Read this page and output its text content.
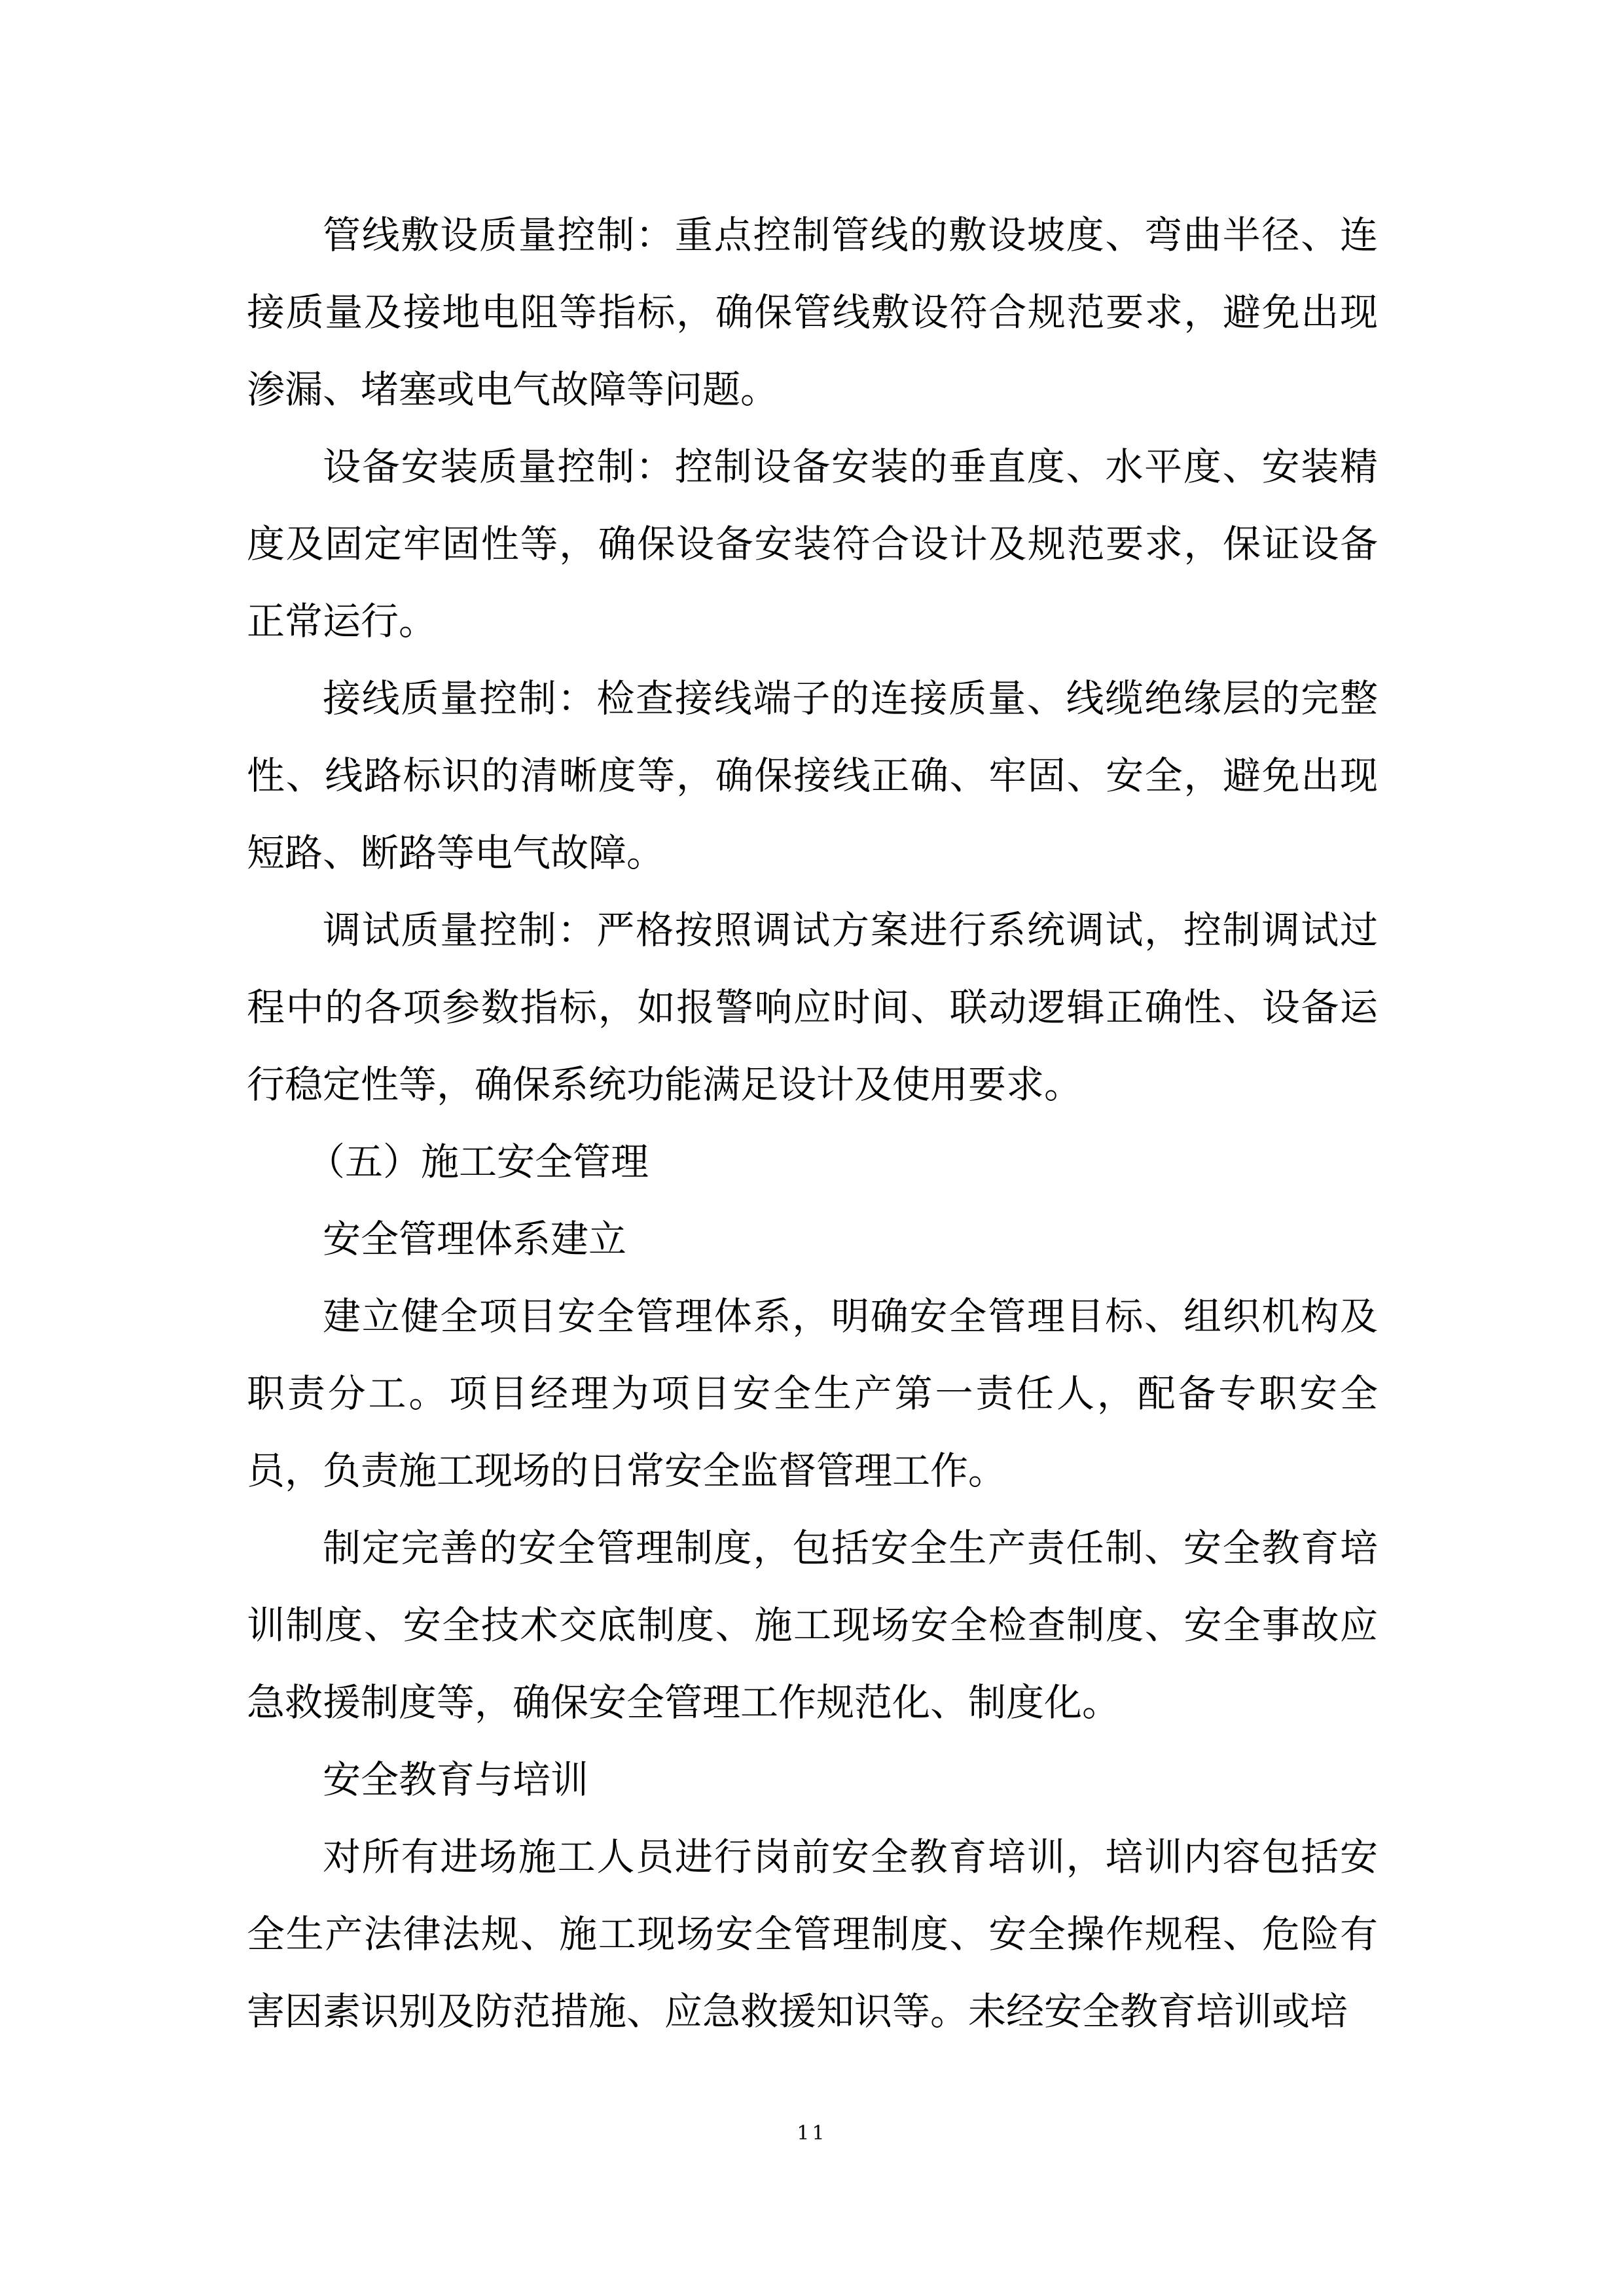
管线敷设质量控制：重点控制管线的敷设坡度、弯曲半径、连接质量及接地电阻等指标，确保管线敷设符合规范要求，避免出现渗漏、堵塞或电气故障等问题。

设备安装质量控制：控制设备安装的垂直度、水平度、安装精度及固定牢固性等，确保设备安装符合设计及规范要求，保证设备正常运行。

接线质量控制：检查接线端子的连接质量、线缆绝缘层的完整性、线路标识的清晰度等，确保接线正确、牢固、安全，避免出现短路、断路等电气故障。

调试质量控制：严格按照调试方案进行系统调试，控制调试过程中的各项参数指标，如报警响应时间、联动逻辑正确性、设备运行稳定性等，确保系统功能满足设计及使用要求。

（五）施工安全管理

安全管理体系建立

建立健全项目安全管理体系，明确安全管理目标、组织机构及职责分工。项目经理为项目安全生产第一责任人，配备专职安全员，负责施工现场的日常安全监督管理工作。

制定完善的安全管理制度，包括安全生产责任制、安全教育培训制度、安全技术交底制度、施工现场安全检查制度、安全事故应急救援制度等，确保安全管理工作规范化、制度化。

安全教育与培训

对所有进场施工人员进行岗前安全教育培训，培训内容包括安全生产法律法规、施工现场安全管理制度、安全操作规程、危险有害因素识别及防范措施、应急救援知识等。未经安全教育培训或培

11
